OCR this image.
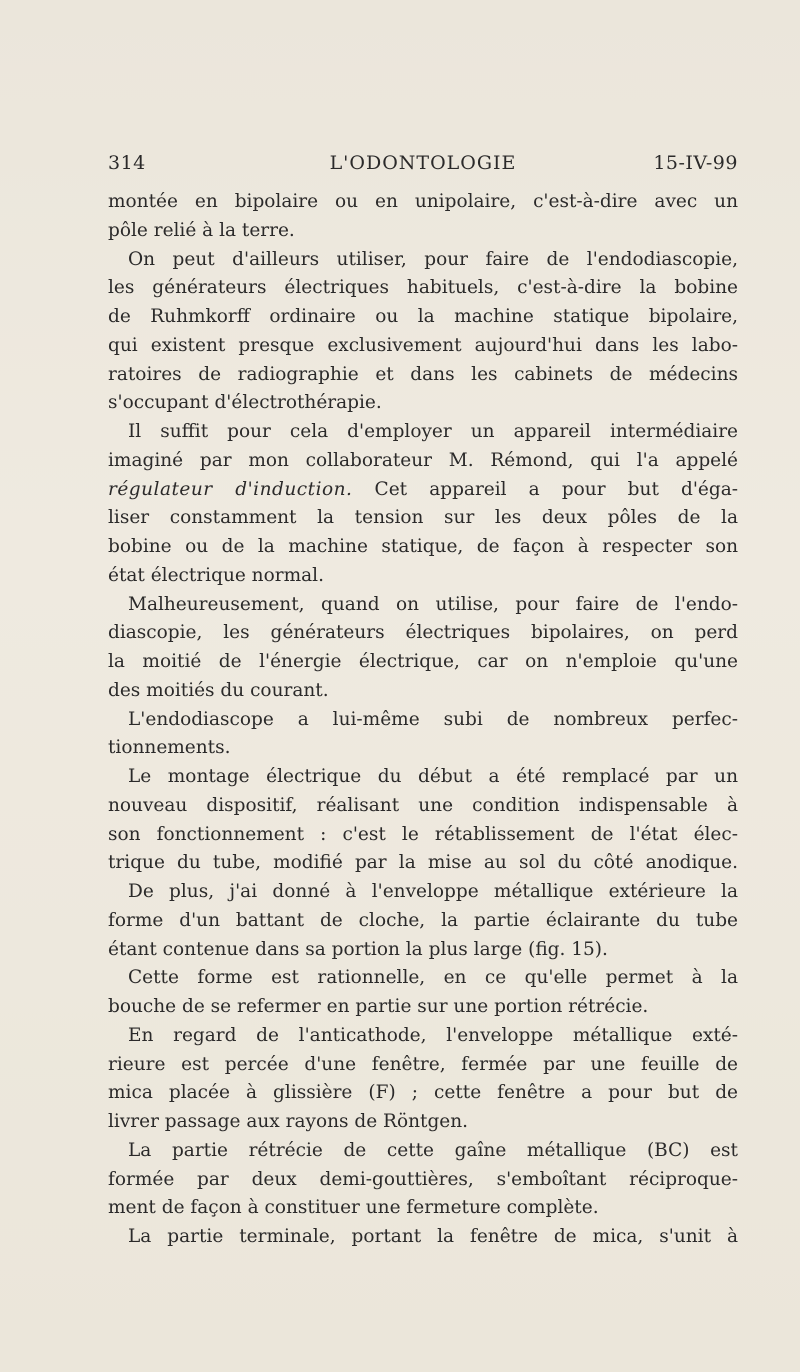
314	L'ODONTOLOGIE	15-IV-99
montée en bipolaire ou en unipolaire, c'est-à-dire avec un
pôle relié à la terre.
On peut d'ailleurs utiliser, pour faire de l'endodiascopie,
les générateurs électriques habituels, c'est-à-dire la bobine
de Ruhmkorff ordinaire ou la machine statique bipolaire,
qui existent presque exclusivement aujourd'hui dans les labo-
ratoires de radiographie et dans les cabinets de médecins
s'occupant d'électrothérapie.
Il suffit pour cela d'employer un appareil intermédiaire
imaginé par mon collaborateur M. Rémond, qui l'a appelé
régulateur d'induction. Cet appareil a pour but d'éga-
liser constamment la tension sur les deux pôles de la
bobine ou de la machine statique, de façon à respecter son
état électrique normal.
Malheureusement, quand on utilise, pour faire de l'endo-
diascopie, les générateurs électriques bipolaires, on perd
la moitié de l'énergie électrique, car on n'emploie qu'une
des moitiés du courant.
L'endodiascope a lui-même subi de nombreux perfec-
tionnements.
Le montage électrique du début a été remplacé par un
nouveau dispositif, réalisant une condition indispensable à
son fonctionnement : c'est le rétablissement de l'état élec-
trique du tube, modifié par la mise au sol du côté anodique.
De plus, j'ai donné à l'enveloppe métallique extérieure la
forme d'un battant de cloche, la partie éclairante du tube
étant contenue dans sa portion la plus large (fig. 15).
Cette forme est rationnelle, en ce qu'elle permet à la
bouche de se refermer en partie sur une portion rétrécie.
En regard de l'anticathode, l'enveloppe métallique exté-
rieure est percée d'une fenêtre, fermée par une feuille de
mica placée à glissière (F) ; cette fenêtre a pour but de
livrer passage aux rayons de Röntgen.
La partie rétrécie de cette gaîne métallique (BC) est
formée par deux demi-gouttières, s'emboîtant réciproque-
ment de façon à constituer une fermeture complète.
La partie terminale, portant la fenêtre de mica, s'unit à
